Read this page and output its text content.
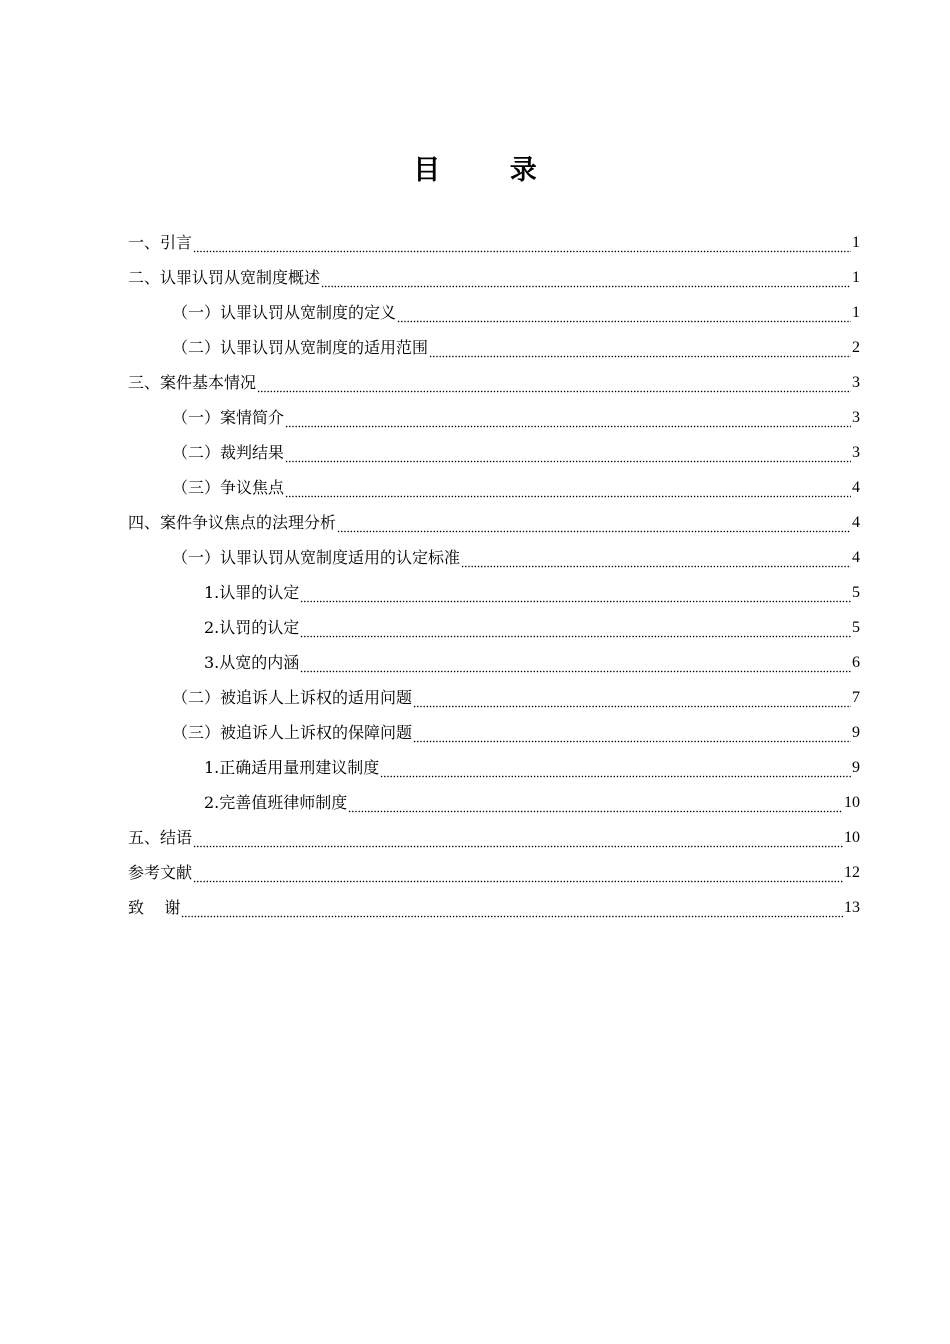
目 录
一、引言	1
二、认罪认罚从宽制度概述	1
（一）认罪认罚从宽制度的定义	1
（二）认罪认罚从宽制度的适用范围	2
三、案件基本情况	3
（一）案情简介	3
（二）裁判结果	3
（三）争议焦点	4
四、案件争议焦点的法理分析	4
（一）认罪认罚从宽制度适用的认定标准	4
1.认罪的认定	5
2.认罚的认定	5
3.从宽的内涵	6
（二）被追诉人上诉权的适用问题	7
（三）被追诉人上诉权的保障问题	9
1.正确适用量刑建议制度	9
2.完善值班律师制度	10
五、结语	10
参考文献	12
致    谢	13
